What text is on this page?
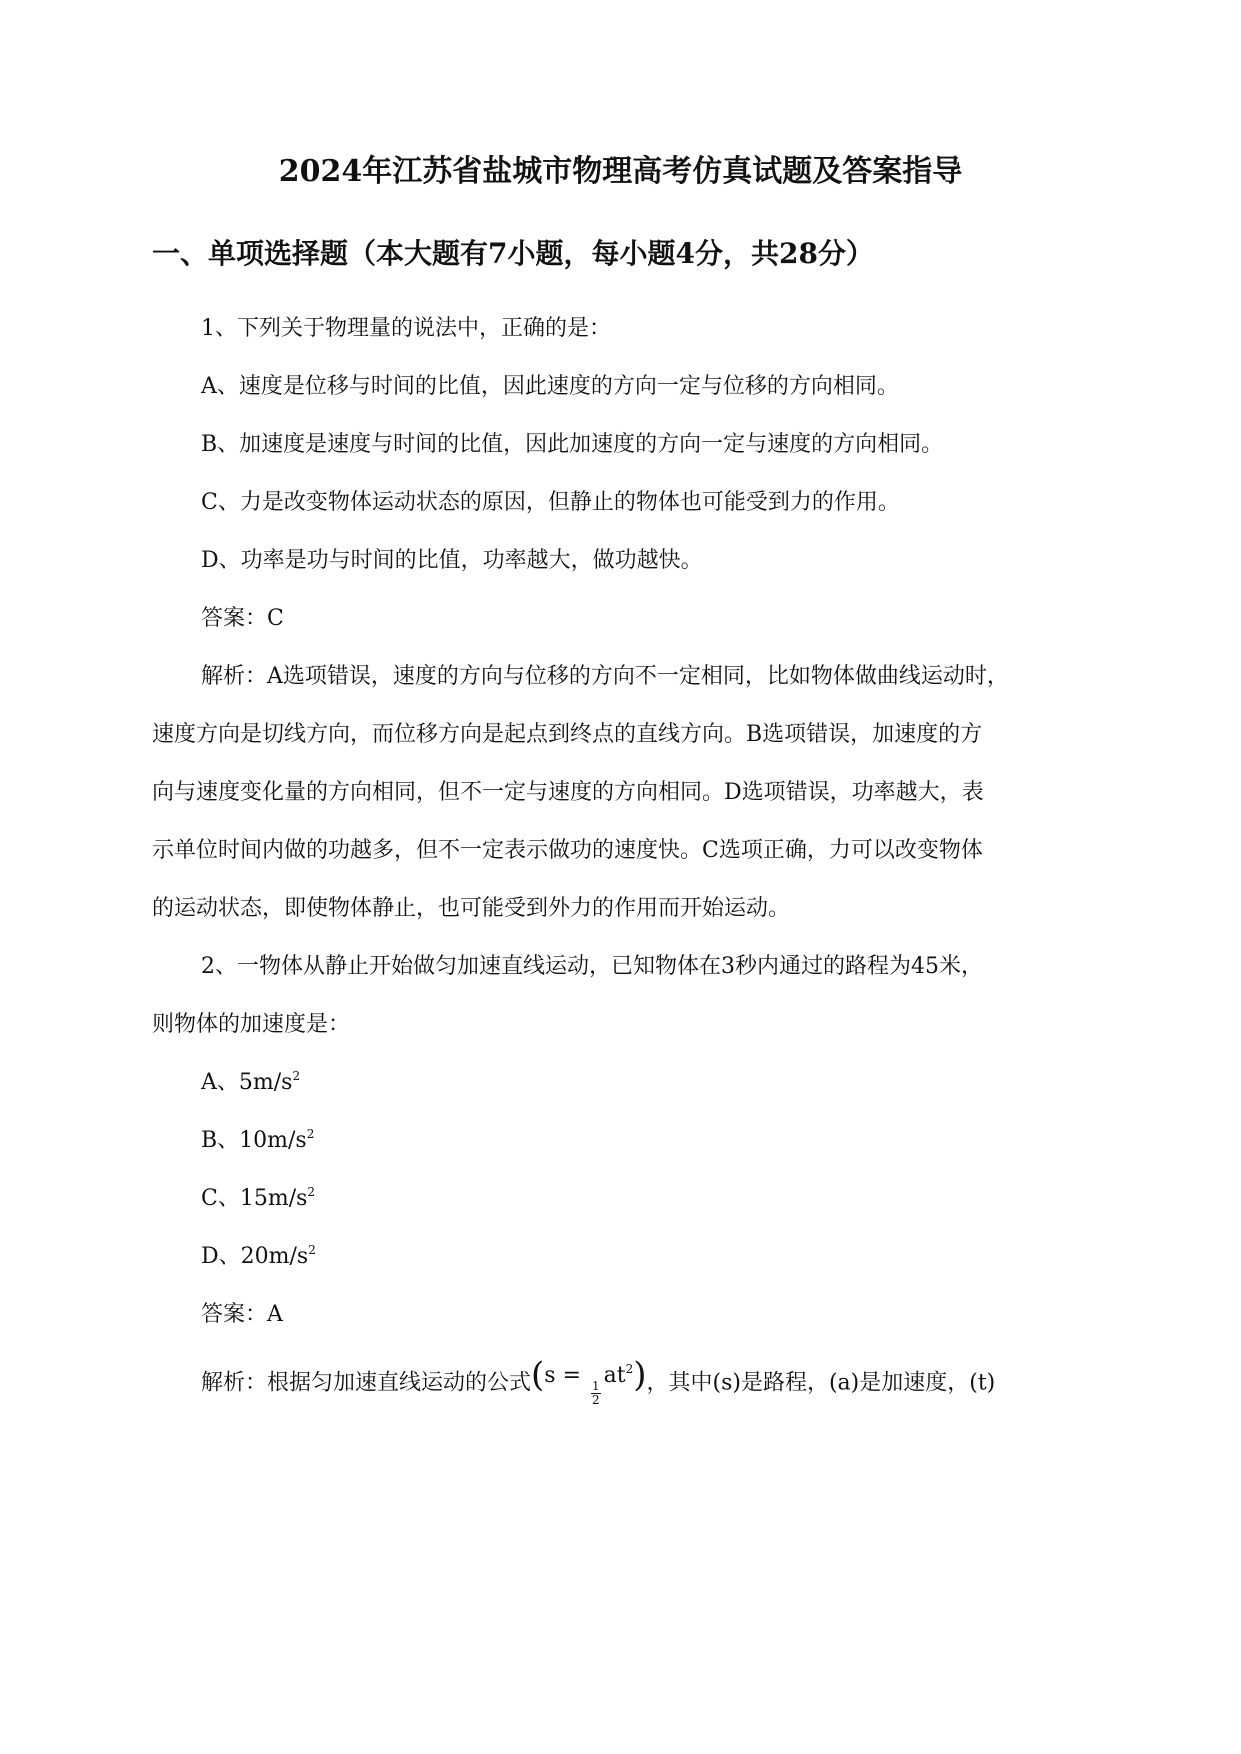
2024年江苏省盐城市物理高考仿真试题及答案指导
一、单项选择题（本大题有7小题，每小题4分，共28分）

1、下列关于物理量的说法中，正确的是：

A、速度是位移与时间的比值，因此速度的方向一定与位移的方向相同。

B、加速度是速度与时间的比值，因此加速度的方向一定与速度的方向相同。

C、力是改变物体运动状态的原因，但静止的物体也可能受到力的作用。

D、功率是功与时间的比值，功率越大，做功越快。

答案：C

解析：A选项错误，速度的方向与位移的方向不一定相同，比如物体做曲线运动时，

速度方向是切线方向，而位移方向是起点到终点的直线方向。B选项错误，加速度的方

向与速度变化量的方向相同，但不一定与速度的方向相同。D选项错误，功率越大，表

示单位时间内做的功越多，但不一定表示做功的速度快。C选项正确，力可以改变物体

的运动状态，即使物体静止，也可能受到外力的作用而开始运动。

2、一物体从静止开始做匀加速直线运动，已知物体在3秒内通过的路程为45米，

则物体的加速度是：

A、$5m/s^2$

B、$10m/s^2$

C、$15m/s^2$

D、$20m/s^2$

答案：A

解析：根据匀加速直线运动的公式(s =
$\frac{1}{2}$
$at^2$)，其中(s)是路程，(a)是加速度，(t)
